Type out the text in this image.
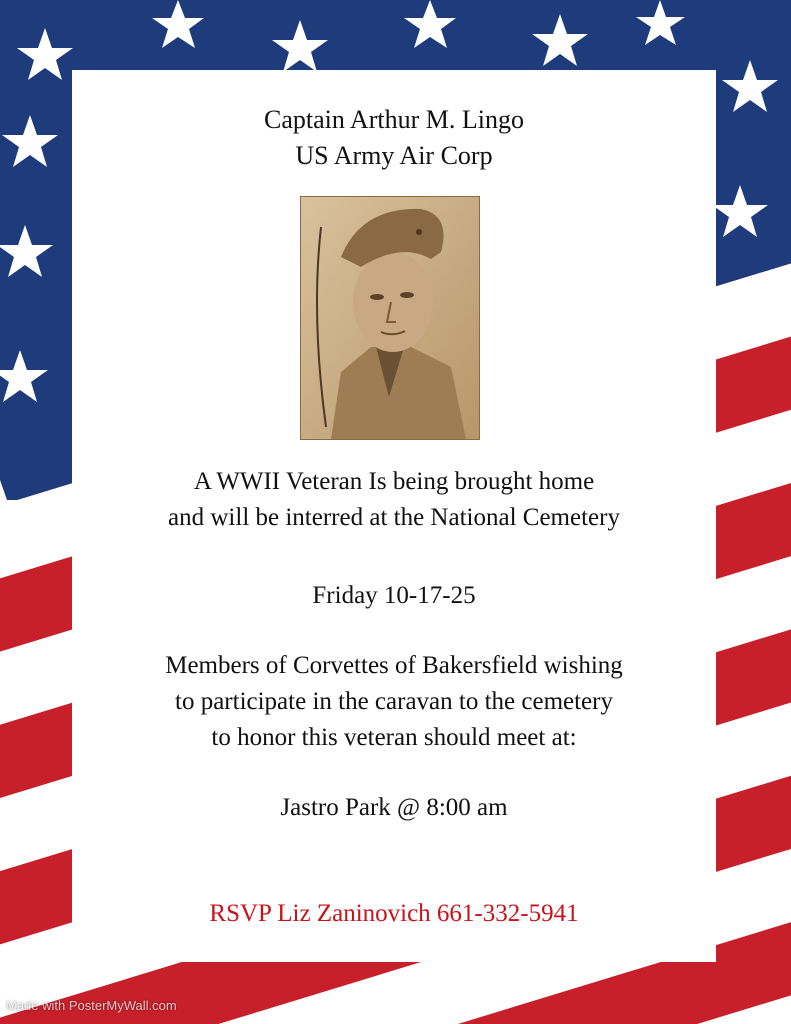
Captain Arthur M. Lingo
US Army Air Corp
A WWII Veteran Is being brought home
and will be interred at the National Cemetery
Friday 10-17-25
Members of Corvettes of Bakersfield wishing
to participate in the caravan to the cemetery
to honor this veteran should meet at:
Jastro Park @ 8:00 am
RSVP Liz Zaninovich 661-332-5941
Made with PosterMyWall.com
